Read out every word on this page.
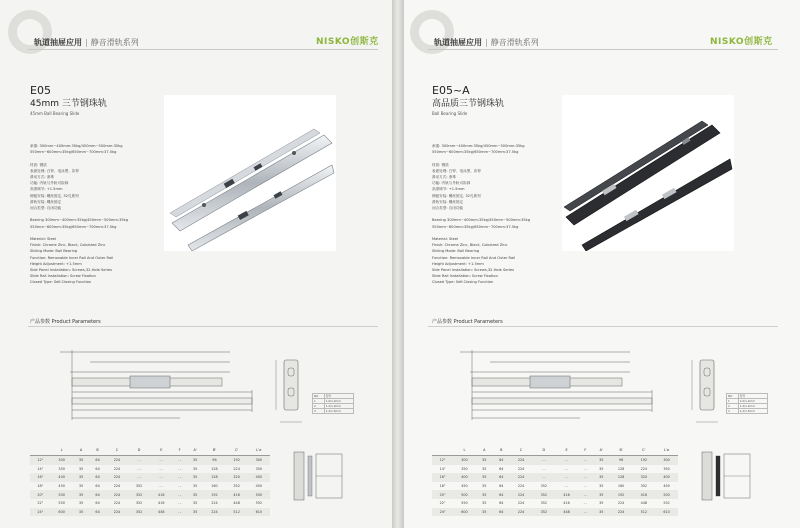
轨道抽屉应用 | 静音滑轨系列	NISKO创斯克
E05
45mm 三节钢珠轨
45mm Ball Bearing Slide
承重: 300mm~400mm:35kg/450mm~500mm:35kg
550mm~600mm:35kg/650mm~700mm:37.5kg

材质: 钢质
表面处理: 白锌、电泳黑、彩锌
滑动方式: 滚珠
功能: 内轨与外轨可拆卸
高度调节: +1.5mm
侧板安装: 螺丝固定, 32孔系列
滑轨安装: 螺丝固定
闭合类型: 自闭功能

Bearing 300mm~400mm:35kg/450mm~500mm:35kg
550mm~600mm:35kg/650mm~700mm:37.5kg

Material: Steel
Finish: Chrome Zinc, Black, Colorized Zinc
Sliding Mode: Ball Bearing
Function: Removable Inner Rail And Outer Rail
Height Adjustment: +1.5mm
Side Panel Installation: Screws,32-Hole Series
Slide Rail Installation: Screw Fixation
Closed Type: Self-Closing Function
产品参数 Product Parameters
NO	型号
1	1.0/1.2mm
2	1.2/1.2mm
3	1.2/1.5mm
	L	A	B	C	D	E	F	A'	B'	C'	L'≥
12"	300	35	64	224	- -	- -	- -	35	96	192	300
14"	350	35	64	224	- -	- -	- -	35	128	224	350
16"	400	35	64	224	- -	- -	- -	35	128	320	400
18"	450	35	64	224	352	- -	- -	35	160	352	450
20"	500	35	64	224	352	416	- -	35	192	416	500
22"	550	35	64	224	352	416	- -	35	224	448	552
24"	600	35	64	224	352	448	- -	35	224	512	610
轨道抽屉应用 | 静音滑轨系列	NISKO创斯克
E05~A
高品质三节钢珠轨
Ball Bearing Slide
承重: 300mm~400mm:35kg/450mm~500mm:35kg
550mm~600mm:35kg/650mm~700mm:37.5kg

材质: 钢质
表面处理: 白锌、电泳黑、彩锌
滑动方式: 滚珠
功能: 内轨与外轨可拆卸
高度调节: +1.5mm
侧板安装: 螺丝固定, 32孔系列
滑轨安装: 螺丝固定
闭合类型: 自闭功能

Bearing 300mm~400mm:35kg/450mm~500mm:35kg
550mm~600mm:35kg/650mm~700mm:37.5kg

Material: Steel
Finish: Chrome Zinc, Black, Colorized Zinc
Sliding Mode: Ball Bearing
Function: Removable Inner Rail And Outer Rail
Height Adjustment: +1.5mm
Side Panel Installation: Screws,32-Hole Series
Slide Rail Installation: Screw Fixation
Closed Type: Self-Closing Function
产品参数 Product Parameters
NO	型号
1	1.0/1.2mm
2	1.2/1.2mm
3	1.2/1.5mm
	L	A	B	C	D	E	F	A'	B'	C'	L'≥
12"	300	35	64	224	- -	- -	- -	35	96	192	300
14"	350	35	64	224	- -	- -	- -	35	128	224	350
16"	400	35	64	224	- -	- -	- -	35	128	320	400
18"	450	35	64	224	352	- -	- -	35	160	352	450
20"	500	35	64	224	352	416	- -	35	192	416	500
22"	550	35	64	224	352	416	- -	35	224	448	552
24"	600	35	64	224	352	448	- -	35	224	512	610
